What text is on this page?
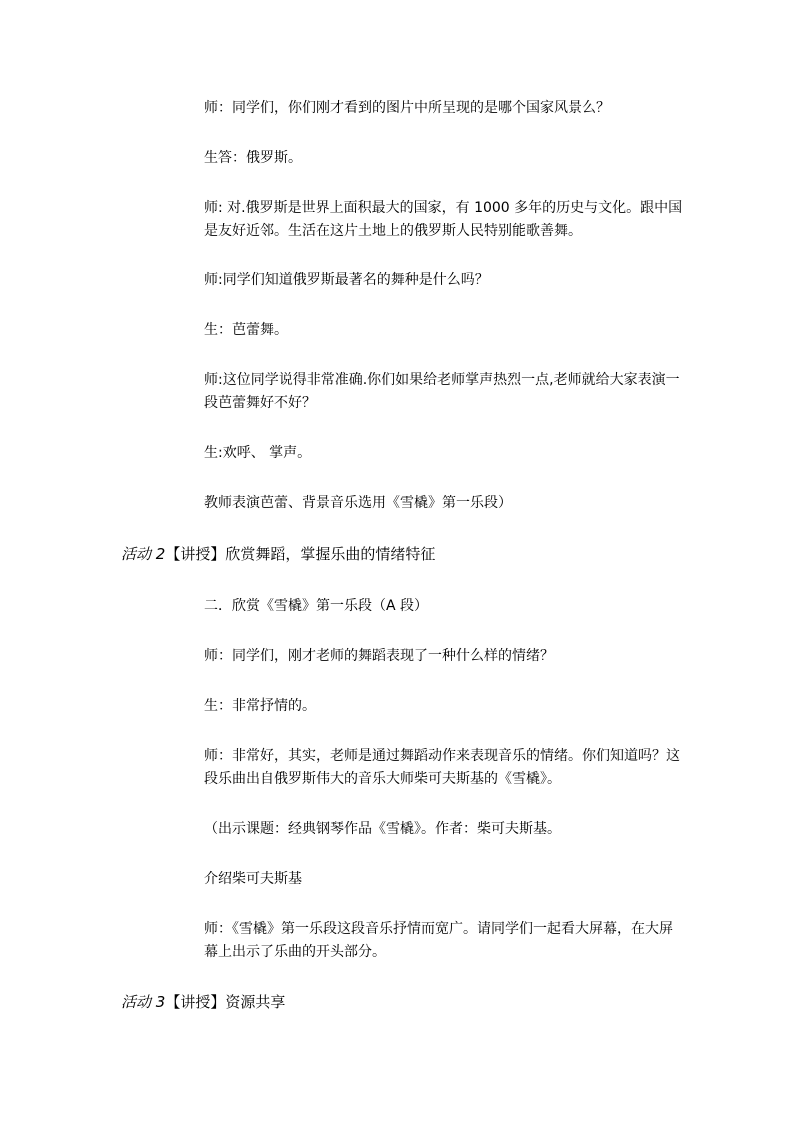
师：同学们，你们刚才看到的图片中所呈现的是哪个国家风景么？

生答：俄罗斯。

师: 对.俄罗斯是世界上面积最大的国家，有 1000 多年的历史与文化。跟中国是友好近邻。生活在这片土地上的俄罗斯人民特别能歌善舞。

师:同学们知道俄罗斯最著名的舞种是什么吗？

生：芭蕾舞。

师:这位同学说得非常准确.你们如果给老师掌声热烈一点,老师就给大家表演一段芭蕾舞好不好？

生:欢呼、 掌声。

教师表演芭蕾、背景音乐选用《雪橇》第一乐段）

活动 2【讲授】欣赏舞蹈，掌握乐曲的情绪特征

二．欣赏《雪橇》第一乐段（A 段）

师：同学们，刚才老师的舞蹈表现了一种什么样的情绪？

生：非常抒情的。

师：非常好，其实，老师是通过舞蹈动作来表现音乐的情绪。你们知道吗？这段乐曲出自俄罗斯伟大的音乐大师柴可夫斯基的《雪橇》。

（出示课题：经典钢琴作品《雪橇》。作者：柴可夫斯基。

介绍柴可夫斯基

师：《雪橇》第一乐段这段音乐抒情而宽广。请同学们一起看大屏幕，在大屏幕上出示了乐曲的开头部分。

活动 3【讲授】资源共享
